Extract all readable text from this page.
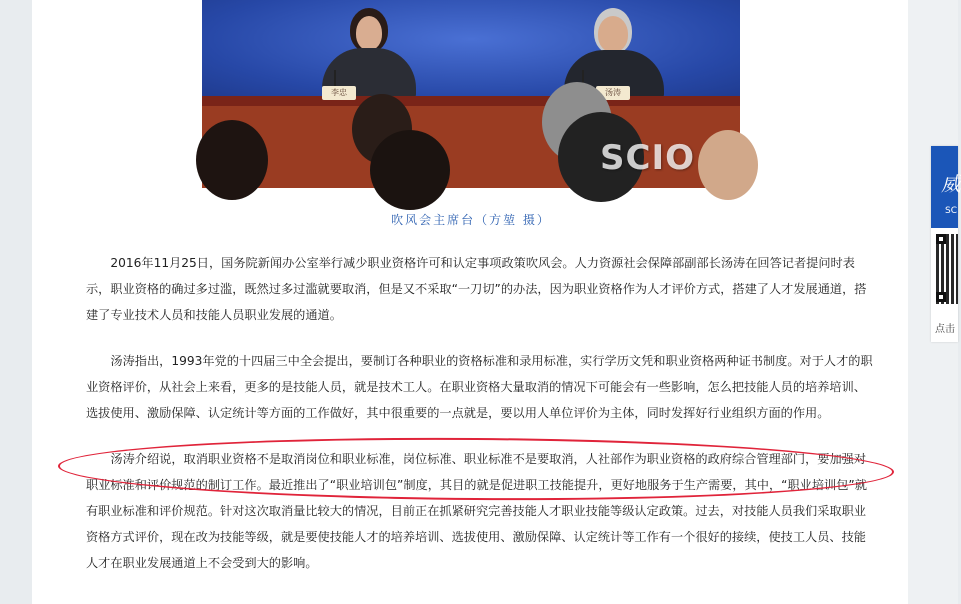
李忠	汤涛
SCIO
吹风会主席台（方堃 摄）

2016年11月25日，国务院新闻办公室举行减少职业资格许可和认定事项政策吹风会。人力资源社会保障部副部长汤涛在回答记者提问时表示，职业资格的确过多过滥，既然过多过滥就要取消，但是又不采取“一刀切”的办法，因为职业资格作为人才评价方式，搭建了人才发展通道，搭建了专业技术人员和技能人员职业发展的通道。

汤涛指出，1993年党的十四届三中全会提出，要制订各种职业的资格标准和录用标准，实行学历文凭和职业资格两种证书制度。对于人才的职业资格评价，从社会上来看，更多的是技能人员，就是技术工人。在职业资格大量取消的情况下可能会有一些影响，怎么把技能人员的培养培训、选拔使用、激励保障、认定统计等方面的工作做好，其中很重要的一点就是，要以用人单位评价为主体，同时发挥好行业组织方面的作用。

汤涛介绍说，取消职业资格不是取消岗位和职业标准，岗位标准、职业标准不是要取消，人社部作为职业资格的政府综合管理部门，要加强对职业标准和评价规范的制订工作。最近推出了“职业培训包”制度，其目的就是促进职工技能提升，更好地服务于生产需要，其中，“职业培训包”就有职业标准和评价规范。针对这次取消量比较大的情况，目前正在抓紧研究完善技能人才职业技能等级认定政策。过去，对技能人员我们采取职业资格方式评价，现在改为技能等级，就是要使技能人才的培养培训、选拔使用、激励保障、认定统计等工作有一个很好的接续，使技工人员、技能人才在职业发展通道上不会受到大的影响。

威
SC
点击
